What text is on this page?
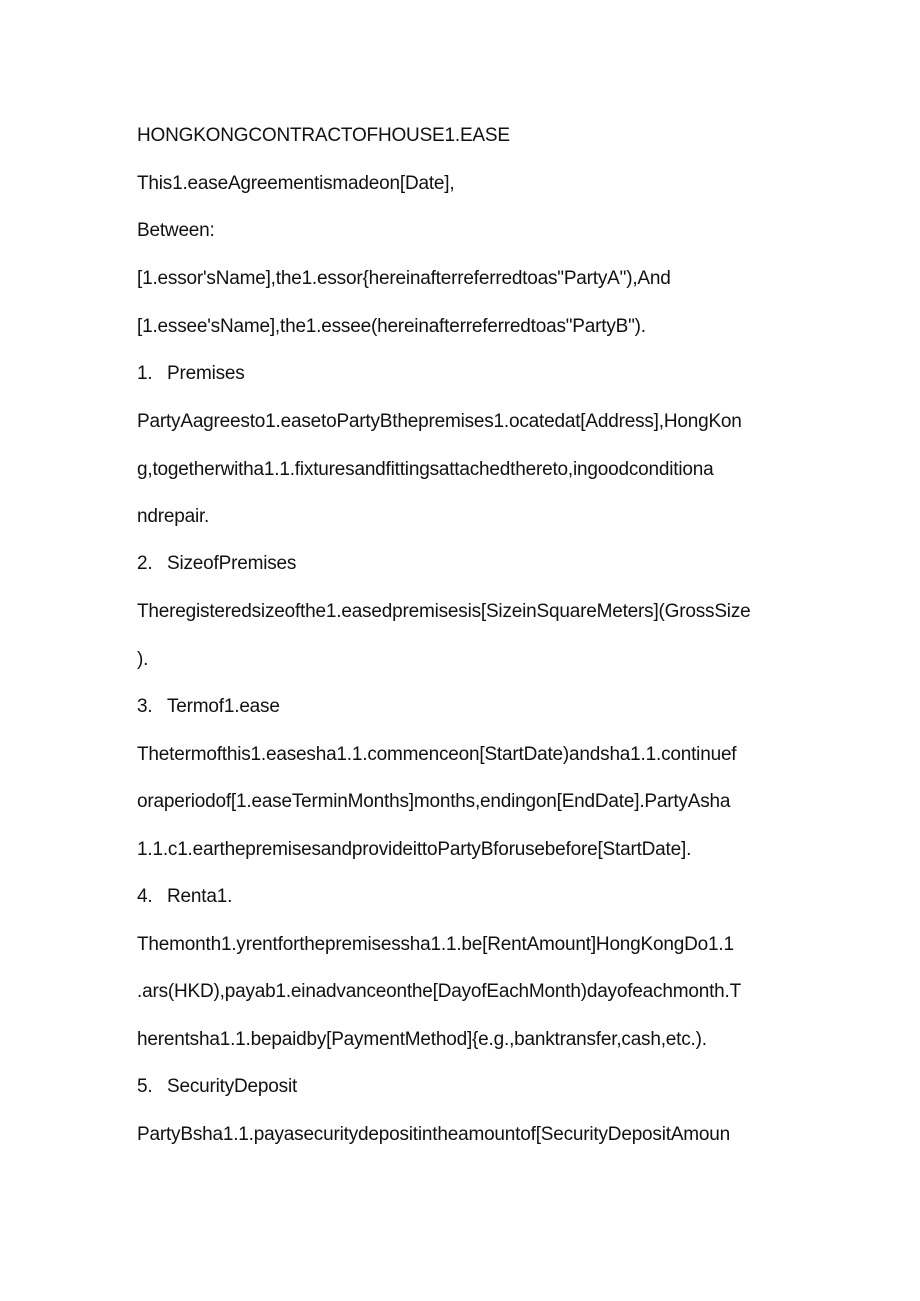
HONGKONGCONTRACTOFHOUSE1.EASE
This1.easeAgreementismadeon[Date],
Between:
[1.essor'sName],the1.essor{hereinafterreferredtoas"PartyA"),And
[1.essee'sName],the1.essee(hereinafterreferredtoas"PartyB").
1. Premises
PartyAagreesto1.easetoPartyBthepremises1.ocatedat[Address],HongKon
g,togetherwitha1.1.fixturesandfittingsattachedthereto,ingoodconditiona
ndrepair.
2. SizeofPremises
Theregisteredsizeofthe1.easedpremisesis[SizeinSquareMeters](GrossSize
).
3. Termof1.ease
Thetermofthis1.easesha1.1.commenceon[StartDate)andsha1.1.continuef
oraperiodof[1.easeTerminMonths]months,endingon[EndDate].PartyAsha
1.1.c1.earthepremisesandprovideittoPartyBforusebefore[StartDate].
4. Renta1.
Themonth1.yrentforthepremisessha1.1.be[RentAmount]HongKongDo1.1
.ars(HKD),payab1.einadvanceonthe[DayofEachMonth)dayofeachmonth.T
herentsha1.1.bepaidby[PaymentMethod]{e.g.,banktransfer,cash,etc.).
5. SecurityDeposit
PartyBsha1.1.payasecuritydepositintheamountof[SecurityDepositAmoun
